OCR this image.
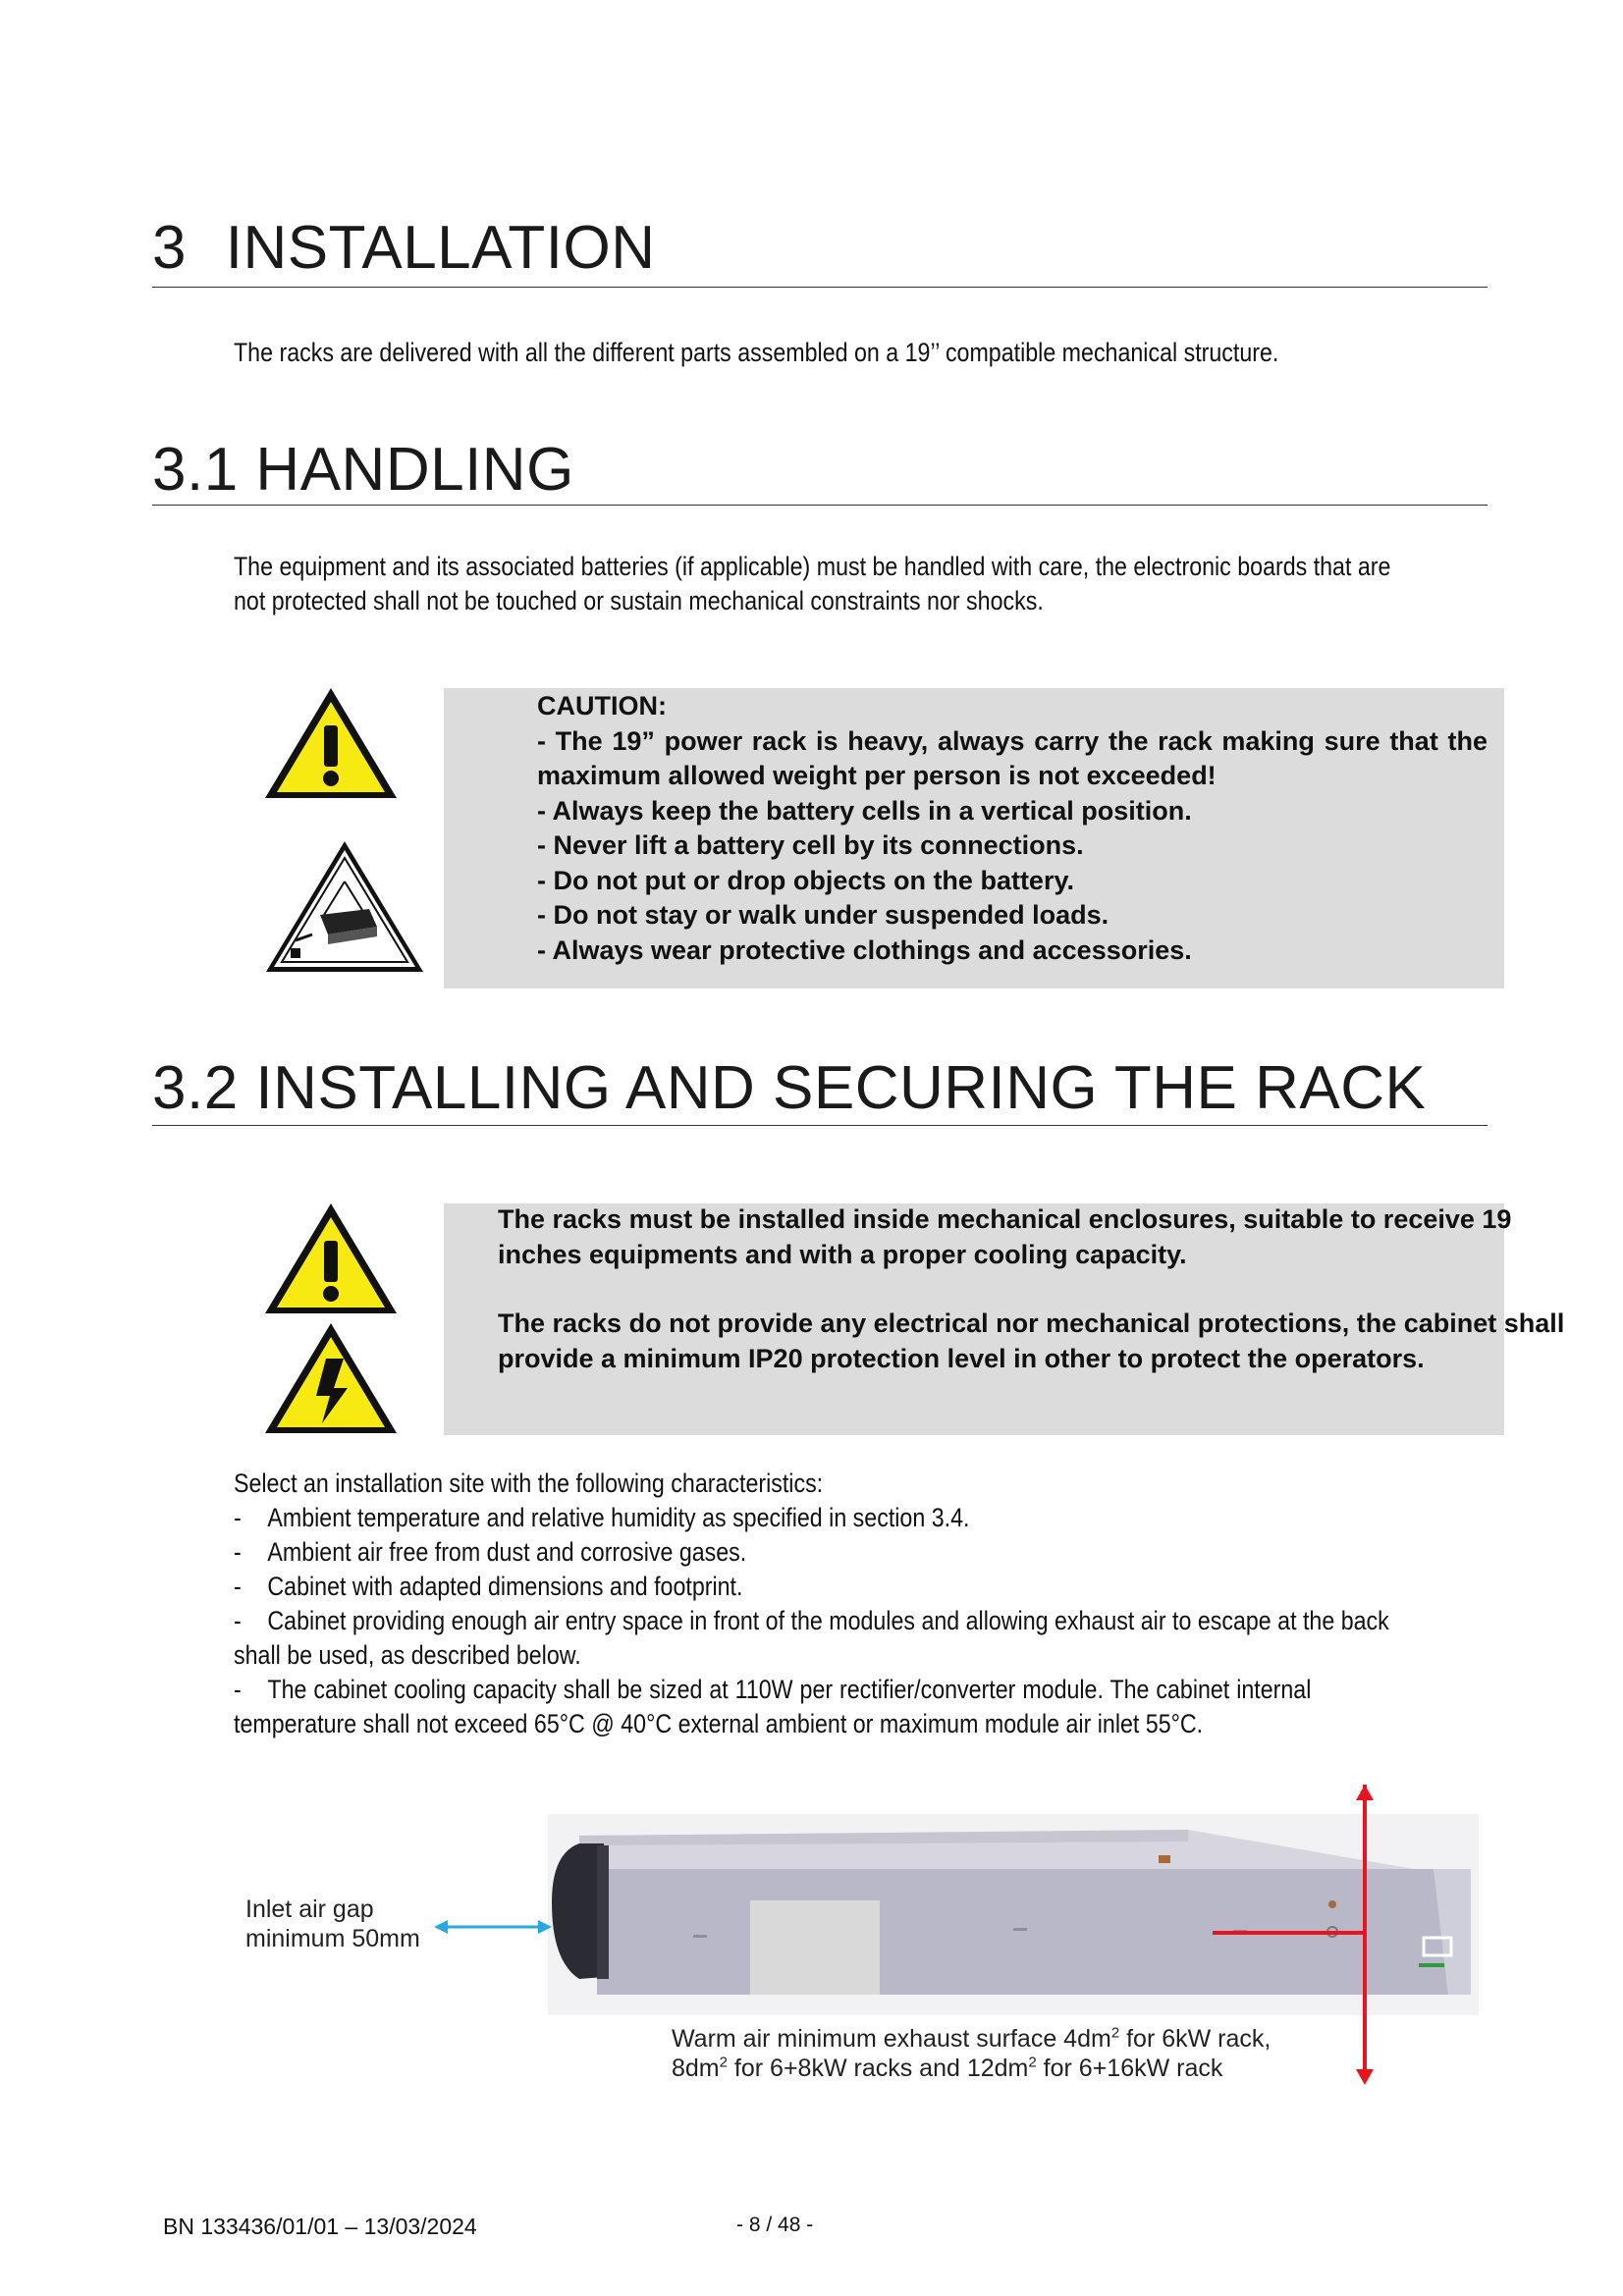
3 INSTALLATION
The racks are delivered with all the different parts assembled on a 19’’ compatible mechanical structure.
3.1 HANDLING
The equipment and its associated batteries (if applicable) must be handled with care, the electronic boards that are
not protected shall not be touched or sustain mechanical constraints nor shocks.
CAUTION:
- The 19” power rack is heavy, always carry the rack making sure that the
maximum allowed weight per person is not exceeded!
- Always keep the battery cells in a vertical position.
- Never lift a battery cell by its connections.
- Do not put or drop objects on the battery.
- Do not stay or walk under suspended loads.
- Always wear protective clothings and accessories.
3.2 INSTALLING AND SECURING THE RACK
The racks must be installed inside mechanical enclosures, suitable to receive 19
inches equipments and with a proper cooling capacity.
The racks do not provide any electrical nor mechanical protections, the cabinet shall
provide a minimum IP20 protection level in other to protect the operators.
Select an installation site with the following characteristics:
- Ambient temperature and relative humidity as specified in section 3.4.
- Ambient air free from dust and corrosive gases.
- Cabinet with adapted dimensions and footprint.
- Cabinet providing enough air entry space in front of the modules and allowing exhaust air to escape at the back
shall be used, as described below.
- The cabinet cooling capacity shall be sized at 110W per rectifier/converter module. The cabinet internal
temperature shall not exceed 65°C @ 40°C external ambient or maximum module air inlet 55°C.
Inlet air gap
minimum 50mm
Warm air minimum exhaust surface $4dm^2$ for 6kW rack,
$8dm^2$ for 6+8kW racks and $12dm^2$ for 6+16kW rack
BN 133436/01/01 – 13/03/2024	- 8 / 48 -
